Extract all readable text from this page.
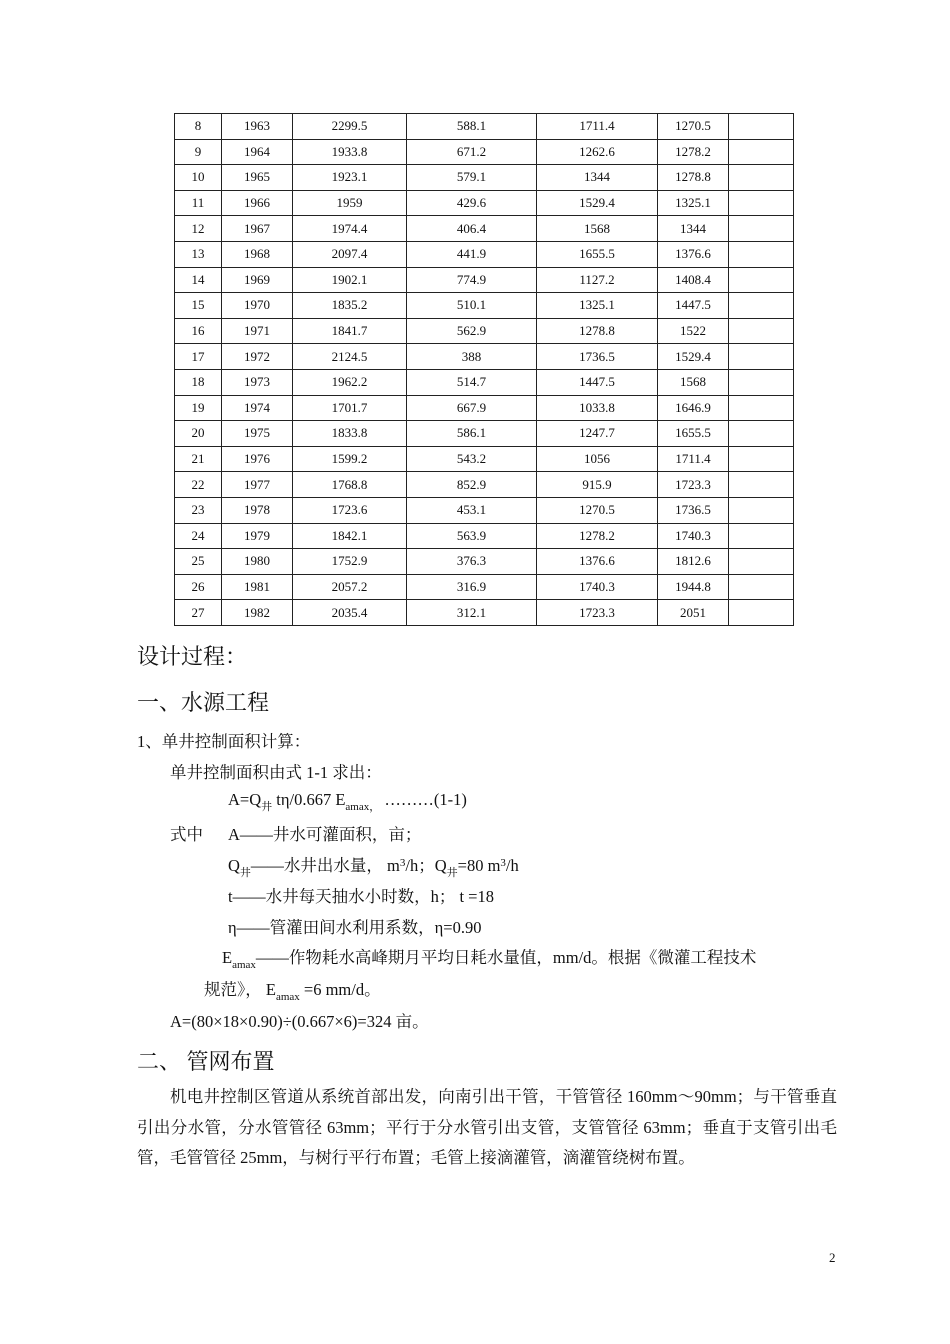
8	1963	2299.5	588.1	1711.4	1270.5	
9	1964	1933.8	671.2	1262.6	1278.2	
10	1965	1923.1	579.1	1344	1278.8	
11	1966	1959	429.6	1529.4	1325.1	
12	1967	1974.4	406.4	1568	1344	
13	1968	2097.4	441.9	1655.5	1376.6	
14	1969	1902.1	774.9	1127.2	1408.4	
15	1970	1835.2	510.1	1325.1	1447.5	
16	1971	1841.7	562.9	1278.8	1522	
17	1972	2124.5	388	1736.5	1529.4	
18	1973	1962.2	514.7	1447.5	1568	
19	1974	1701.7	667.9	1033.8	1646.9	
20	1975	1833.8	586.1	1247.7	1655.5	
21	1976	1599.2	543.2	1056	1711.4	
22	1977	1768.8	852.9	915.9	1723.3	
23	1978	1723.6	453.1	1270.5	1736.5	
24	1979	1842.1	563.9	1278.2	1740.3	
25	1980	1752.9	376.3	1376.6	1812.6	
26	1981	2057.2	316.9	1740.3	1944.8	
27	1982	2035.4	312.1	1723.3	2051	
设计过程：
一、水源工程
1、单井控制面积计算：
单井控制面积由式 1-1 求出：
$A=Q_井$ tη/0.667 $E_{amax,}$ ………(1-1)
式中 A——井水可灌面积，亩；
$Q_井——$水井出水量， $m^3/h$；$Q_井=80$ $m^3/h$
t——水井每天抽水小时数，h； t =18
η——管灌田间水利用系数，η=0.90
$E_{amax}——$作物耗水高峰期月平均日耗水量值，mm/d。根据《微灌工程技术
规范》， $E_{amax} =6$ mm/d。
A=(80×18×0.90)÷(0.667×6)=324 亩。
二、 管网布置
机电井控制区管道从系统首部出发，向南引出干管，干管管径 160mm～90mm；与干管垂直引出分水管，分水管管径 63mm；平行于分水管引出支管，支管管径 63mm；垂直于支管引出毛管，毛管管径 25mm，与树行平行布置；毛管上接滴灌管，滴灌管绕树布置。
2
